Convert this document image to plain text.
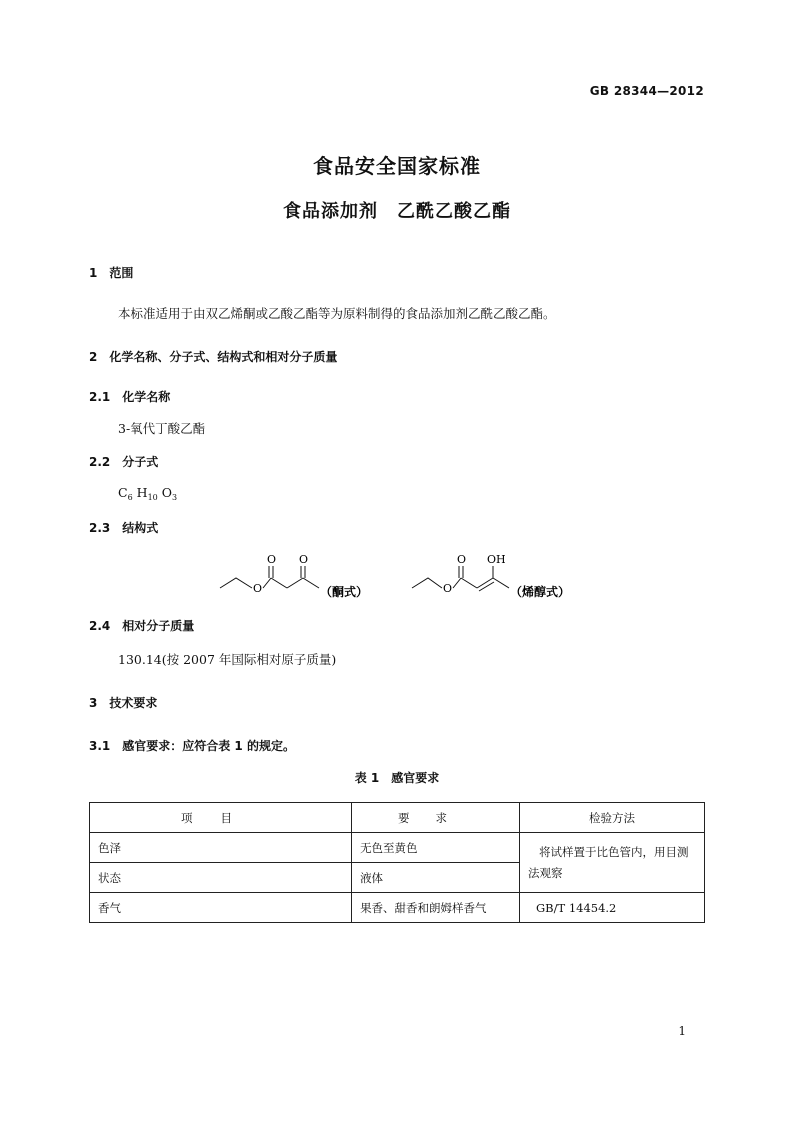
GB 28344—2012
食品安全国家标准
食品添加剂　乙酰乙酸乙酯
1　范围
本标准适用于由双乙烯酮或乙酸乙酯等为原料制得的食品添加剂乙酰乙酸乙酯。
2　化学名称、分子式、结构式和相对分子质量
2.1　化学名称
3-氧代丁酸乙酯
2.2　分子式
$C_6$ $H_{10}$ $O_3$
2.3　结构式
O
O O
（酮式）	O
O OH
（烯醇式）
2.4　相对分子质量
130.14(按 2007 年国际相对原子质量)
3　技术要求
3.1　感官要求：应符合表 1 的规定。
表 1　感官要求
项目	要求	检验方法
色泽	无色至黄色	将试样置于比色管内，用目测法观察
状态	液体	
香气	果香、甜香和朗姆样香气	GB/T 14454.2
1
